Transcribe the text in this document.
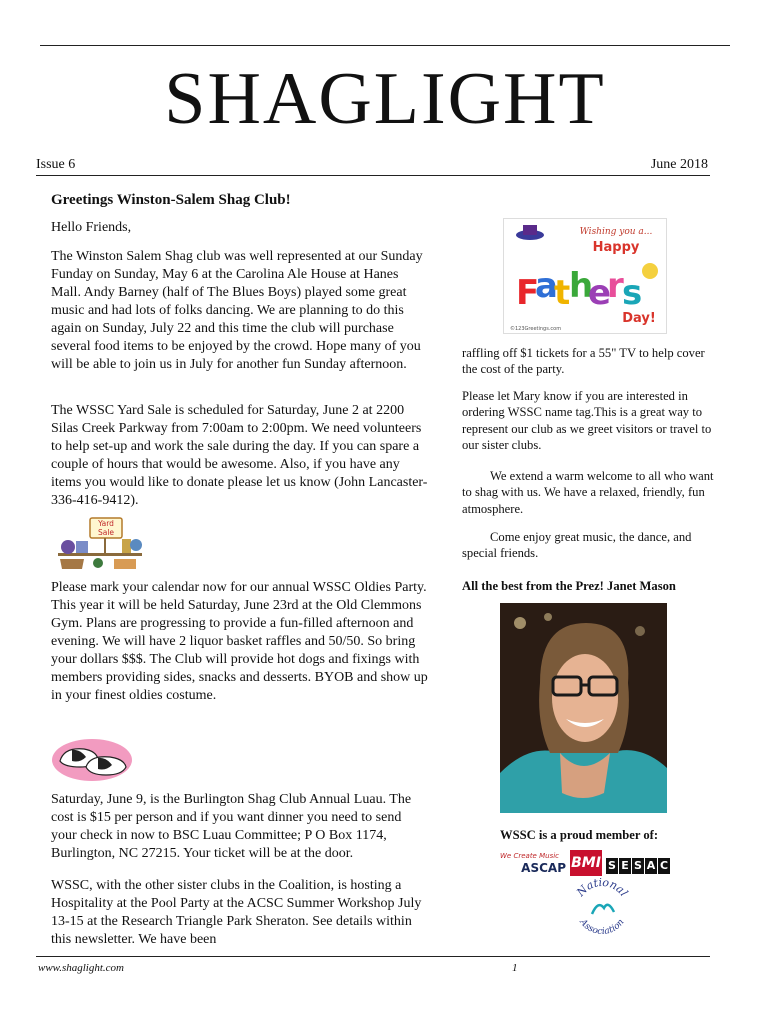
SHAGLIGHT
Issue 6	June 2018
Greetings Winston-Salem Shag Club!

Hello Friends,

The Winston Salem Shag club was well represented at our Sunday Funday on Sunday, May 6 at the Carolina Ale House at Hanes Mall. Andy Barney (half of The Blues Boys) played some great music and had lots of folks dancing. We are planning to do this again on Sunday, July 22 and this time the club will purchase several food items to be enjoyed by the crowd. Hope many of you will be able to join us in July for another fun Sunday afternoon.
The WSSC Yard Sale is scheduled for Saturday, June 2 at 2200 Silas Creek Parkway from 7:00am to 2:00pm. We need volunteers to help set-up and work the sale during the day. If you can spare a couple of hours that would be awesome. Also, if you have any items you would like to donate please let us know (John Lancaster-336-416-9412).
Yard
Sale
Please mark your calendar now for our annual WSSC Oldies Party. This year it will be held Saturday, June 23rd at the Old Clemmons Gym. Plans are progressing to provide a fun-filled afternoon and evening. We will have 2 liquor basket raffles and 50/50. So bring your dollars $$$. The Club will provide hot dogs and fixings with members providing sides, snacks and desserts. BYOB and show up in your finest oldies costume.
Saturday, June 9, is the Burlington Shag Club Annual Luau. The cost is $15 per person and if you want dinner you need to send your check in now to BSC Luau Committee; P O Box 1174, Burlington, NC 27215. Your ticket will be at the door.
WSSC, with the other sister clubs in the Coalition, is hosting a Hospitality at the Pool Party at the ACSC Summer Workshop July 13-15 at the Research Triangle Park Sheraton. See details within this newsletter. We have been
Wishing you a...
Happy
F
a
t
h
e
r
s
Day!
©123Greetings.com
raffling off $1 tickets for a 55" TV to help cover the cost of the party.
Please let Mary know if you are interested in ordering WSSC name tag.This is a great way to represent our club as we greet visitors or travel to our sister clubs.
We extend a warm welcome to all who want to shag with us. We have a relaxed, friendly, fun atmosphere.
Come enjoy great music, the dance, and special friends.
All the best from the Prez! Janet Mason
WSSC is a proud member of:
We Create Music
ASCAP BMI S E S A C
National
Association
www.shaglight.com	1
